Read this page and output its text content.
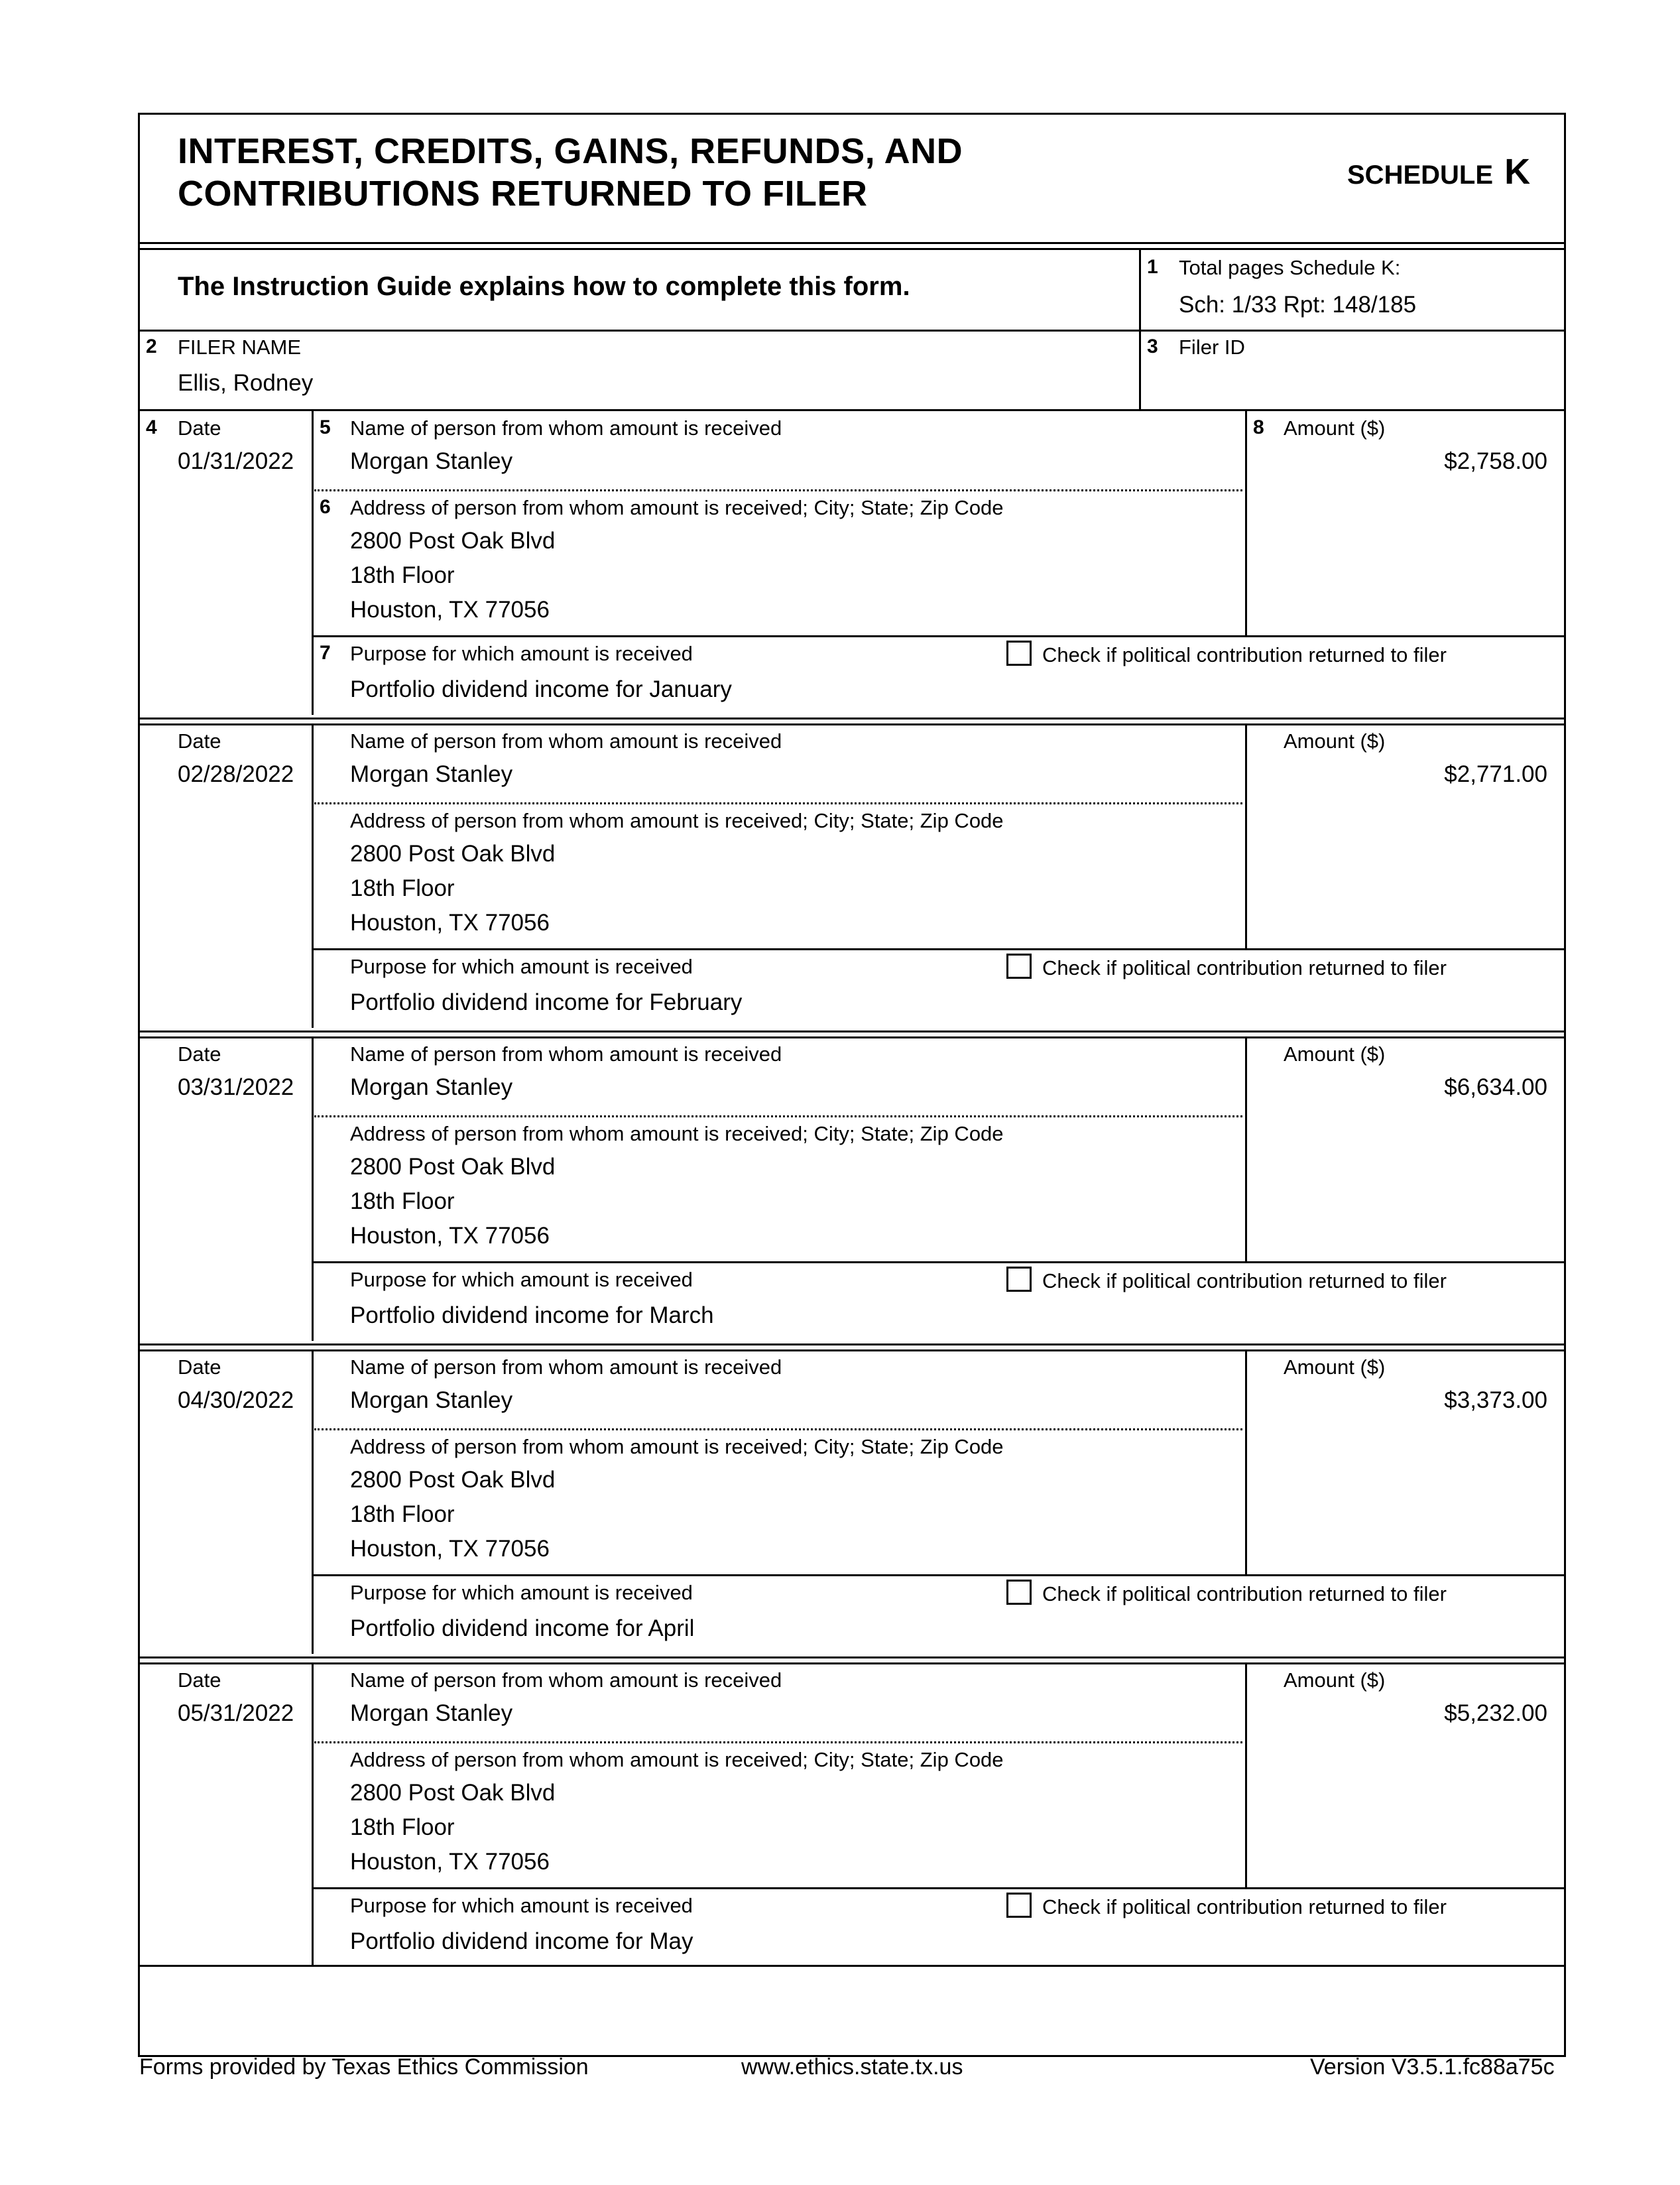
INTEREST, CREDITS, GAINS, REFUNDS, AND
CONTRIBUTIONS RETURNED TO FILER	SCHEDULE K
The Instruction Guide explains how to complete this form.
1 Total pages Schedule K:
Sch: 1/33 Rpt: 148/185
2 FILER NAME
Ellis, Rodney
3 Filer ID
4	5
6
7
8
Date
01/31/2022
Name of person from whom amount is received
Morgan Stanley
Address of person from whom amount is received; City; State; Zip Code
2800 Post Oak Blvd
18th Floor
Houston, TX 77056
Amount ($)
$2,758.00
Purpose for which amount is received
Portfolio dividend income for January
Check if political contribution returned to filer
Date
02/28/2022
Name of person from whom amount is received
Morgan Stanley
Address of person from whom amount is received; City; State; Zip Code
2800 Post Oak Blvd
18th Floor
Houston, TX 77056
Amount ($)
$2,771.00
Purpose for which amount is received
Portfolio dividend income for February
Check if political contribution returned to filer
Date
03/31/2022
Name of person from whom amount is received
Morgan Stanley
Address of person from whom amount is received; City; State; Zip Code
2800 Post Oak Blvd
18th Floor
Houston, TX 77056
Amount ($)
$6,634.00
Purpose for which amount is received
Portfolio dividend income for March
Check if political contribution returned to filer
Date
04/30/2022
Name of person from whom amount is received
Morgan Stanley
Address of person from whom amount is received; City; State; Zip Code
2800 Post Oak Blvd
18th Floor
Houston, TX 77056
Amount ($)
$3,373.00
Purpose for which amount is received
Portfolio dividend income for April
Check if political contribution returned to filer
Date
05/31/2022
Name of person from whom amount is received
Morgan Stanley
Address of person from whom amount is received; City; State; Zip Code
2800 Post Oak Blvd
18th Floor
Houston, TX 77056
Amount ($)
$5,232.00
Purpose for which amount is received
Portfolio dividend income for May
Check if political contribution returned to filer
Forms provided by Texas Ethics Commission	www.ethics.state.tx.us	Version V3.5.1.fc88a75c
